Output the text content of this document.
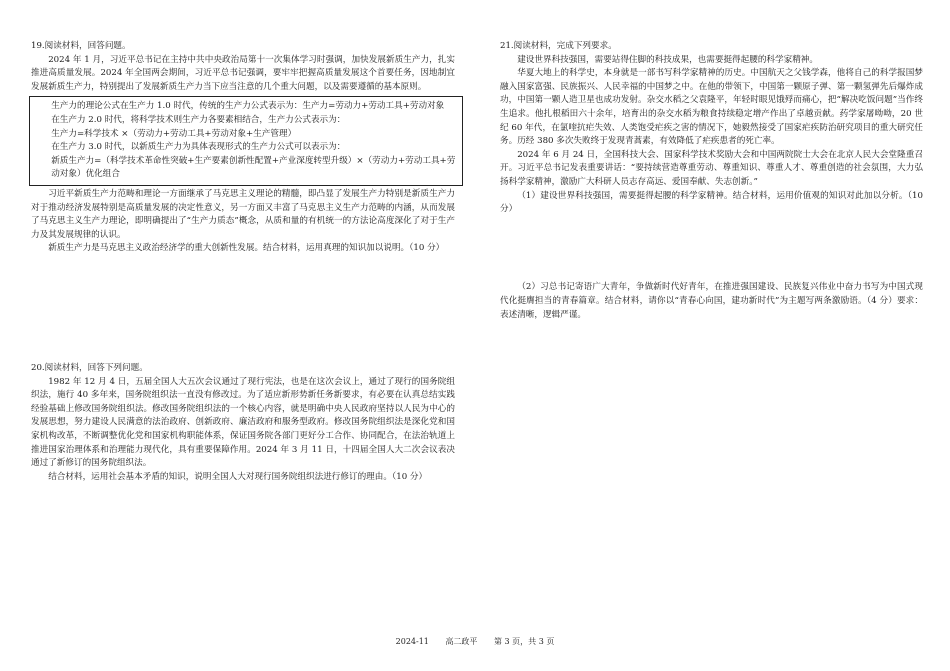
19.阅读材料，回答问题。

2024 年 1 月，习近平总书记在主持中共中央政治局第十一次集体学习时强调，加快发展新质生产力，扎实推进高质量发展。2024 年全国两会期间，习近平总书记强调，要牢牢把握高质量发展这个首要任务，因地制宜发展新质生产力，特别提出了发展新质生产力当下应当注意的几个重大问题，以及需要遵循的基本原则。

生产力的理论公式在生产力 1.0 时代，传统的生产力公式表示为：生产力=劳动力+劳动工具+劳动对象

在生产力 2.0 时代，将科学技术则生产力各要素相结合，生产力公式表示为：

生产力=科学技术 ×（劳动力+劳动工具+劳动对象+生产管理）

在生产力 3.0 时代，以新质生产力为具体表现形式的生产力公式可以表示为：

新质生产力=（科学技术革命性突破+生产要素创新性配置+产业深度转型升级）×（劳动力+劳动工具+劳动对象）优化组合

习近平新质生产力范畴和理论一方面继承了马克思主义理论的精髓，即凸显了发展生产力特别是新质生产力对于推动经济发展特别是高质量发展的决定性意义，另一方面又丰富了马克思主义生产力范畴的内涵，从而发展了马克思主义生产力理论，即明确提出了“生产力质态”概念，从质和量的有机统一的方法论高度深化了对于生产力及其发展规律的认识。

新质生产力是马克思主义政治经济学的重大创新性发展。结合材料，运用真理的知识加以说明。（10 分）

20.阅读材料，回答下列问题。

1982 年 12 月 4 日，五届全国人大五次会议通过了现行宪法，也是在这次会议上，通过了现行的国务院组织法，施行 40 多年来，国务院组织法一直没有修改过。为了适应新形势新任务新要求，有必要在认真总结实践经验基础上修改国务院组织法。修改国务院组织法的一个核心内容，就是明确中央人民政府坚持以人民为中心的发展思想，努力建设人民满意的法治政府、创新政府、廉洁政府和服务型政府。修改国务院组织法是深化党和国家机构改革，不断调整优化党和国家机构职能体系，保证国务院各部门更好分工合作、协同配合，在法治轨道上推进国家治理体系和治理能力现代化，具有重要保障作用。2024 年 3 月 11 日，十四届全国人大二次会议表决通过了新修订的国务院组织法。

结合材料，运用社会基本矛盾的知识，说明全国人大对现行国务院组织法进行修订的理由。（10 分）

21.阅读材料，完成下列要求。

建设世界科技强国，需要站得住脚的科技成果，也需要挺得起腰的科学家精神。

华夏大地上的科学史，本身就是一部书写科学家精神的历史。中国航天之父钱学森，他将自己的科学报国梦融入国家富强、民族振兴、人民幸福的中国梦之中。在他的带领下，中国第一颗原子弹、第一颗氢弹先后爆炸成功，中国第一颗人造卫星也成功发射。杂交水稻之父袁隆平，年轻时眼见饿殍而痛心，把“解决吃饭问题”当作终生追求。他扎根稻田六十余年，培育出的杂交水稻为粮食持续稳定增产作出了卓越贡献。药学家屠呦呦，20 世纪 60 年代，在氯喹抗疟失效、人类饱受疟疾之害的情况下，她毅然接受了国家疟疾防治研究项目的重大研究任务。历经 380 多次失败终于发现青蒿素，有效降低了疟疾患者的死亡率。

2024 年 6 月 24 日，全国科技大会、国家科学技术奖励大会和中国两院院士大会在北京人民大会堂隆重召开。习近平总书记发表重要讲话：“要持续营造尊重劳动、尊重知识、尊重人才、尊重创造的社会氛围，大力弘扬科学家精神，激励广大科研人员志存高远、爱国奉献、失志创新。”

（1）建设世界科技强国，需要挺得起腰的科学家精神。结合材料，运用价值观的知识对此加以分析。（10 分）

（2）习总书记寄语广大青年，争做新时代好青年，在推进强国建设、民族复兴伟业中奋力书写为中国式现代化挺膺担当的青春篇章。结合材料，请你以“青春心向国，建功新时代”为主题写两条激励语。（4 分）要求：表述清晰，逻辑严谨。

2024-11 高二政平 第 3 页，共 3 页
